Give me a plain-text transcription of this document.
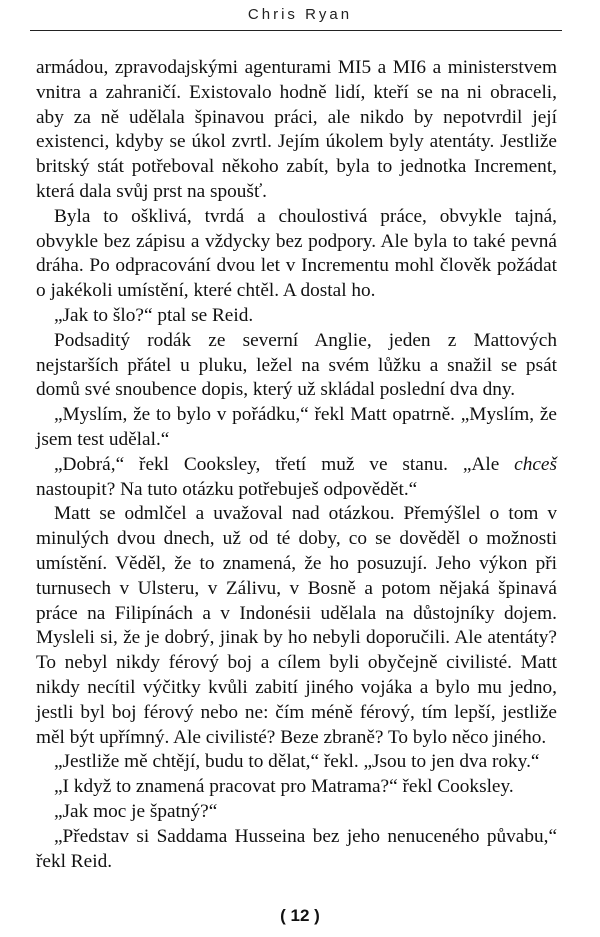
Chris Ryan

armádou, zpravodajskými agenturami MI5 a MI6 a ministerstvem vnitra a zahraničí. Existovalo hodně lidí, kteří se na ni obraceli, aby za ně udělala špinavou práci, ale nikdo by nepotvrdil její existenci, kdyby se úkol zvrtl. Jejím úkolem byly atentáty. Jestliže britský stát potřeboval někoho zabít, byla to jednotka Increment, která dala svůj prst na spoušť.

Byla to ošklivá, tvrdá a choulostivá práce, obvykle tajná, obvykle bez zápisu a vždycky bez podpory. Ale byla to také pevná dráha. Po odpracování dvou let v Incrementu mohl člověk požádat o jakékoli umístění, které chtěl. A dostal ho.

„Jak to šlo?“ ptal se Reid.

Podsaditý rodák ze severní Anglie, jeden z Mattových nejstarších přátel u pluku, ležel na svém lůžku a snažil se psát domů své snoubence dopis, který už skládal poslední dva dny.

„Myslím, že to bylo v pořádku,“ řekl Matt opatrně. „Myslím, že jsem test udělal.“

„Dobrá,“ řekl Cooksley, třetí muž ve stanu. „Ale chceš nastoupit? Na tuto otázku potřebuješ odpovědět.“

Matt se odmlčel a uvažoval nad otázkou. Přemýšlel o tom v minulých dvou dnech, už od té doby, co se dověděl o možnosti umístění. Věděl, že to znamená, že ho posuzují. Jeho výkon při turnusech v Ulsteru, v Zálivu, v Bosně a potom nějaká špinavá práce na Filipínách a v Indonésii udělala na důstojníky dojem. Mysleli si, že je dobrý, jinak by ho nebyli doporučili. Ale atentáty? To nebyl nikdy férový boj a cílem byli obyčejně civilisté. Matt nikdy necítil výčitky kvůli zabití jiného vojáka a bylo mu jedno, jestli byl boj férový nebo ne: čím méně férový, tím lepší, jestliže měl být upřímný. Ale civilisté? Beze zbraně? To bylo něco jiného.

„Jestliže mě chtějí, budu to dělat,“ řekl. „Jsou to jen dva roky.“

„I když to znamená pracovat pro Matrama?“ řekl Cooksley.

„Jak moc je špatný?“

„Představ si Saddama Husseina bez jeho nenuceného půvabu,“ řekl Reid.

( 12 )
